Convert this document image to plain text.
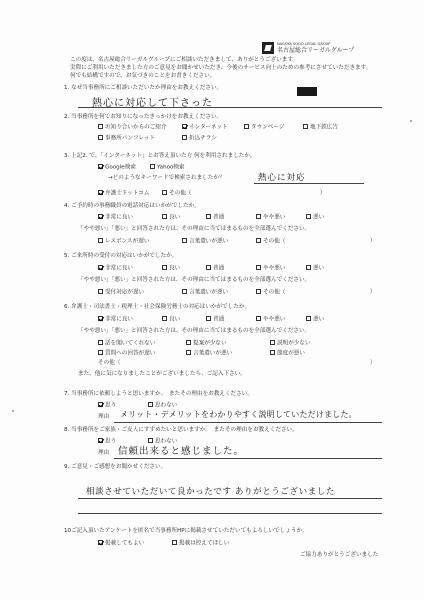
NAGOYA SOGO LEGAL GROUP
名古屋総合リーガルグループ
この度は、名古屋総合リーガルグループにご相談いただきまして、ありがとうございます。
実際にご利用いただきました方のご意見をお聞かせいただき、今後のサービス向上のための参考にさせていただきます。
何でも結構ですので、お気づきのことをお書きください。
1. なぜ当事務所にご相談いただいたか理由をお教えください。
熱心に対応して下さった
2. 当事務所を何でお知りになったきっかけをお教えください。
お知り合いからのご紹介	インターネット	タウンページ	地下鉄広告
事務所パンフレット	折込チラシ
3. 上記2. で、「インターネット」とお答え頂いた方 何を利用されましたか。
Google検索	Yahoo検索
→どのようなキーワードで検索されましたか？	熱心に対応
弁護士ドットコム	その他（	）
4. ご予約時の事務職員の電話対応はいかがでしたか。
非常に良い	良い	普通	やや悪い	悪い
「やや悪い」「悪い」と回答された方は、その理由に当てはまるものを全部選んでください。
レスポンスが遅い	言葉遣いが悪い	その他（	）
5. ご来所時の受付の対応はいかがでしたか。
非常に良い	良い	普通	やや悪い	悪い
「やや悪い」「悪い」と回答された方は、その理由に当てはまるものを全部選んでください。
受付対応が遅い	言葉遣いが悪い	その他（	）
6. 弁護士・司法書士・税理士・社会保険労務士の対応はいかがでしたか。
非常に良い	良い	普通	やや悪い	悪い
「やや悪い」「悪い」と回答された方は、その理由に当てはまるものを全部選んでください。
話を聞いてくれない	提案が少ない	説明が少ない
質問への回答が遅い	言葉遣いが悪い	態度が悪い
その他（	）
また、他に気になりましたことがございましたら、ご記入下さい。
7. 当事務所に依頼しようと思いますか。　またその理由をお教えください。
思う	思わない
理由 メリット・デメリットをわかりやすく説明していただけました。
8. 当事務所をご家族・ご友人にすすめたいと思いますか。　またその理由をお教えください。
思う	思わない
理由 信頼出来ると感じました。
9. ご意見・ご感想をお聞かせください。
相談させていただいて良かったです ありがとうございました
10ご記入頂いたアンケートを匿名で当事務所HPに掲載させていただいてもよろしいでしょうか。
掲載してもよい	掲載は控えてほしい
ご協力ありがとうございました
